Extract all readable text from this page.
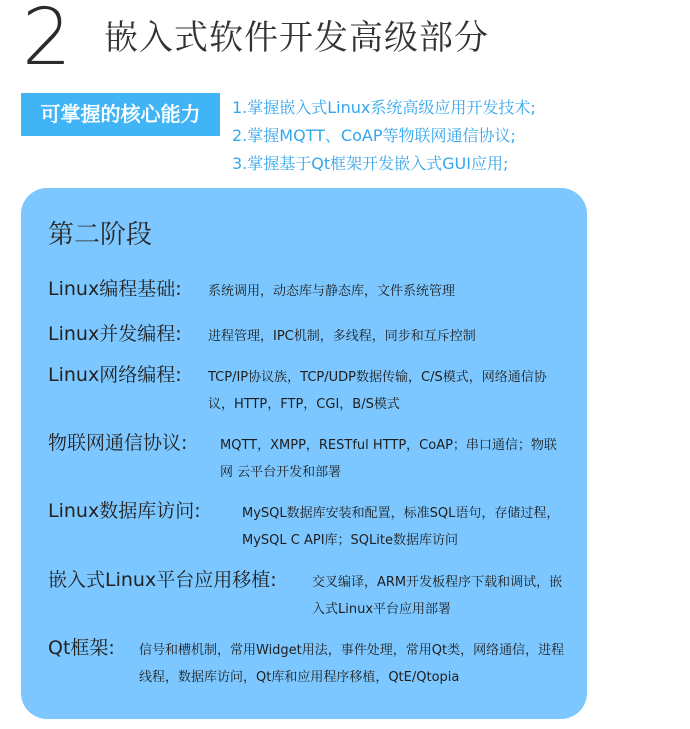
2 嵌入式软件开发高级部分
可掌握的核心能力	1.掌握嵌入式Linux系统高级应用开发技术;
2.掌握MQTT、CoAP等物联网通信协议;
3.掌握基于Qt框架开发嵌入式GUI应用;
第二阶段
Linux编程基础: 系统调用，动态库与静态库，文件系统管理
Linux并发编程: 进程管理，IPC机制，多线程，同步和互斥控制
Linux网络编程: TCP/IP协议族，TCP/UDP数据传输，C/S模式，网络通信协议，HTTP，FTP，CGI，B/S模式
物联网通信协议:	MQTT，XMPP，RESTful HTTP，CoAP；串口通信；物联网 云平台开发和部署
Linux数据库访问:	MySQL数据库安装和配置，标准SQL语句，存储过程，MySQL C API库；SQLite数据库访问
嵌入式Linux平台应用移植:	交叉编译，ARM开发板程序下载和调试，嵌 入式Linux平台应用部署
Qt框架: 信号和槽机制，常用Widget用法，事件处理，常用Qt类，网络通信，进程线程，数据库访问，Qt库和应用程序移植，QtE/Qtopia
